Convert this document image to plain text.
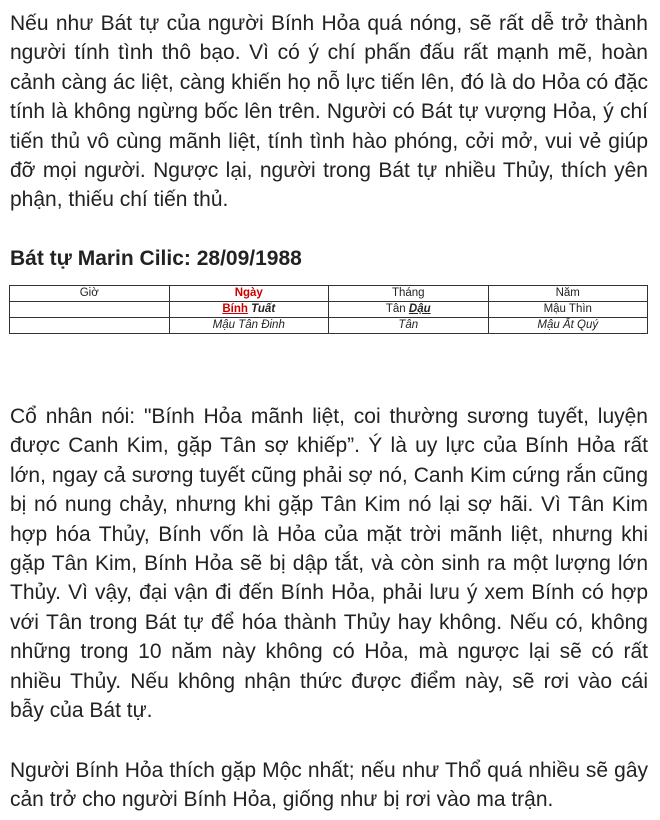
Nếu như Bát tự của người Bính Hỏa quá nóng, sẽ rất dễ trở thành người tính tình thô bạo. Vì có ý chí phấn đấu rất mạnh mẽ, hoàn cảnh càng ác liệt, càng khiến họ nỗ lực tiến lên, đó là do Hỏa có đặc tính là không ngừng bốc lên trên. Người có Bát tự vượng Hỏa, ý chí tiến thủ vô cùng mãnh liệt, tính tình hào phóng, cởi mở, vui vẻ giúp đỡ mọi người. Ngược lại, người trong Bát tự nhiều Thủy, thích yên phận, thiếu chí tiến thủ.

Bát tự Marin Cilic: 28/09/1988
Giờ	Ngày	Tháng	Năm
	Bính Tuất	Tân Dậu	Mậu Thìn
	Mậu Tân Đinh	Tân	Mậu Ất Quý

Cổ nhân nói: "Bính Hỏa mãnh liệt, coi thường sương tuyết, luyện được Canh Kim, gặp Tân sợ khiếp”. Ý là uy lực của Bính Hỏa rất lớn, ngay cả sương tuyết cũng phải sợ nó, Canh Kim cứng rắn cũng bị nó nung chảy, nhưng khi gặp Tân Kim nó lại sợ hãi. Vì Tân Kim hợp hóa Thủy, Bính vốn là Hỏa của mặt trời mãnh liệt, nhưng khi gặp Tân Kim, Bính Hỏa sẽ bị dập tắt, và còn sinh ra một lượng lớn Thủy. Vì vậy, đại vận đi đến Bính Hỏa, phải lưu ý xem Bính có hợp với Tân trong Bát tự để hóa thành Thủy hay không. Nếu có, không những trong 10 năm này không có Hỏa, mà ngược lại sẽ có rất nhiều Thủy. Nếu không nhận thức được điểm này, sẽ rơi vào cái bẫy của Bát tự.

Người Bính Hỏa thích gặp Mộc nhất; nếu như Thổ quá nhiều sẽ gây cản trở cho người Bính Hỏa, giống như bị rơi vào ma trận.
